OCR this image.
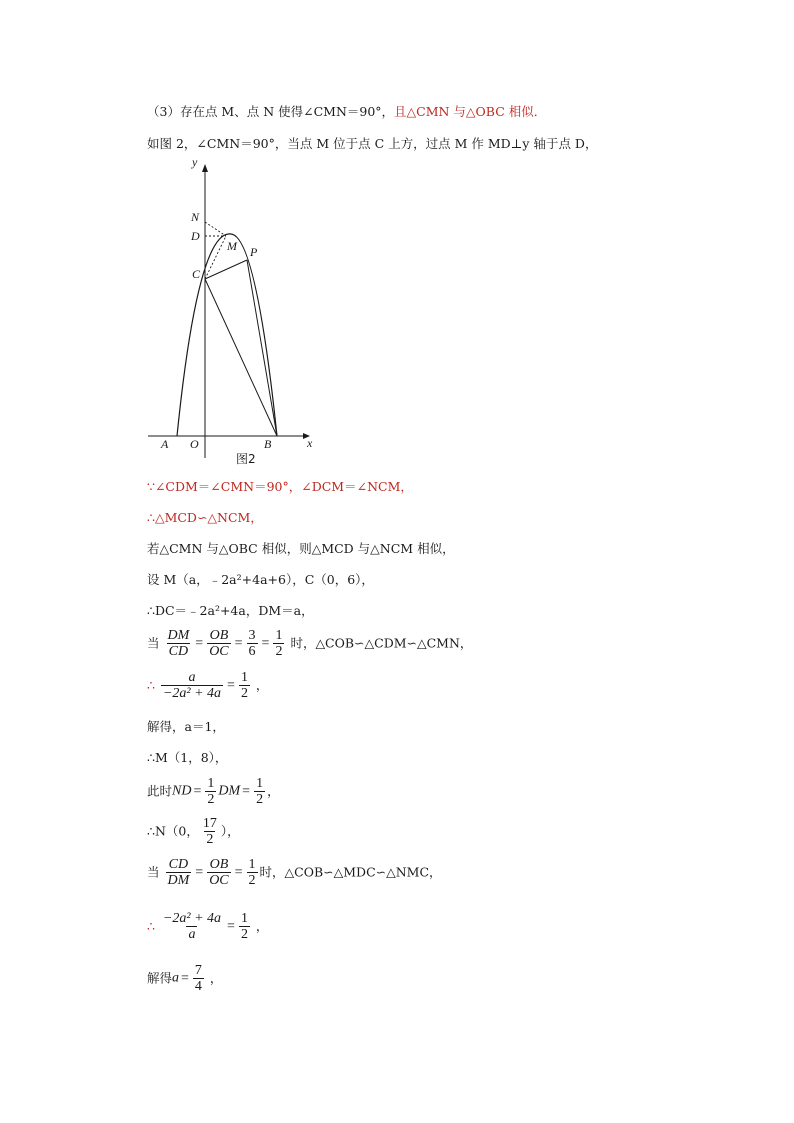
（3）存在点 M、点 N 使得∠CMN＝90°，且△CMN 与△OBC 相似．
如图 2，∠CMN＝90°，当点 M 位于点 C 上方，过点 M 作 MD⊥y 轴于点 D，
y
x
N
D
M P
C
A O	B
图2
∵∠CDM＝∠CMN＝90°，∠DCM＝∠NCM，
∴△MCD∽△NCM，
若△CMN 与△OBC 相似，则△MCD 与△NCM 相似，
设 M（a，﹣2a²+4a+6），C（0，6），
∴DC＝﹣2a²+4a，DM＝a，
当 $\frac{DM}{CD} = \frac{OB}{OC} = \frac{3}{6} = \frac{1}{2}$ 时，△COB∽△CDM∽△CMN，
∴ $\frac{a}{\text{−2a² + 4a}} = \frac{1}{2}$ ，
解得，a＝1，
∴M（1，8），
此时ND = $\frac{1}{2}$ DM = $\frac{1}{2}$ ，
∴N（0， $\frac{17}{2}$ ），
当 $\frac{CD}{DM} = \frac{OB}{OC} = \frac{1}{2}$ 时，△COB∽△MDC∽△NMC，
∴ $\frac{\text{−2a² + 4a}}{a} = \frac{1}{2}$ ，
解得$a = \frac{7}{4}$ ，
